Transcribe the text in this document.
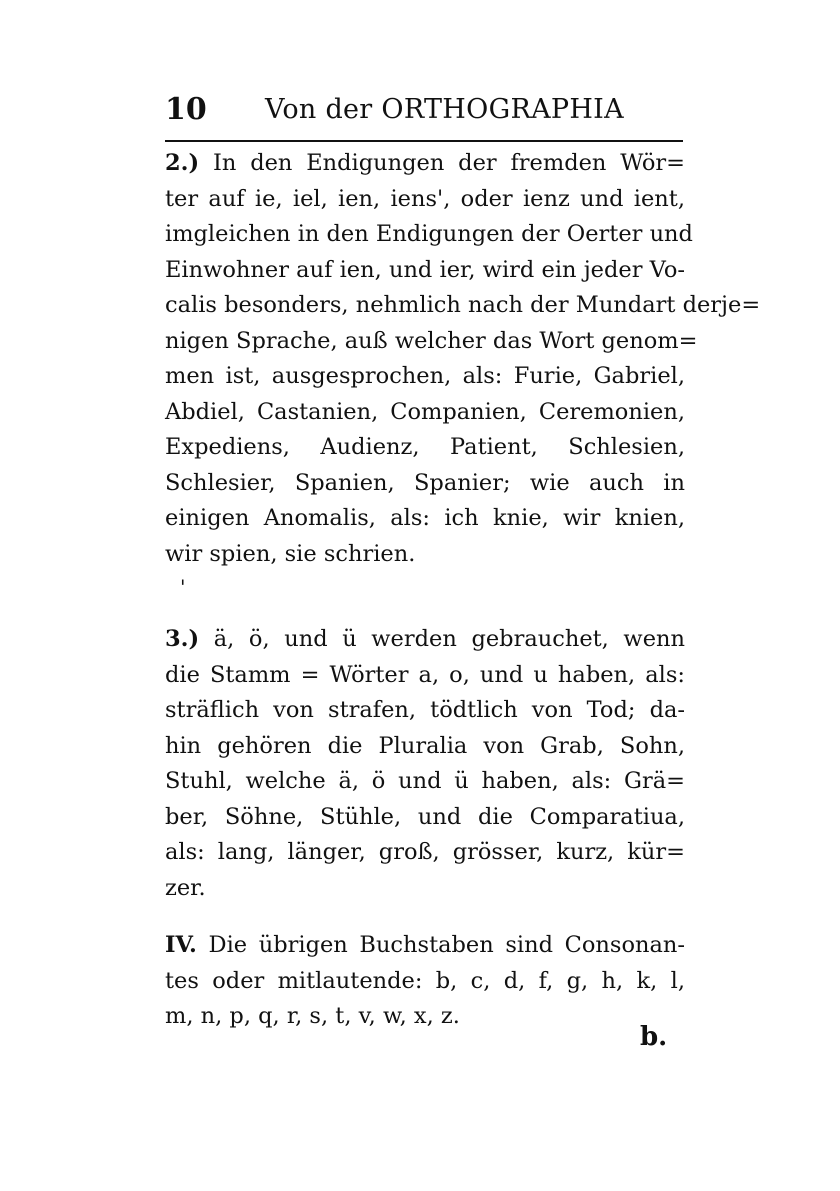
10 Von der ORTHOGRAPHIA
2.) In den Endigungen der fremden Wör=
ter auf ie, iel, ien, iens', oder ienz und ient,
imgleichen in den Endigungen der Oerter und
Einwohner auf ien, und ier, wird ein jeder Vo-
calis besonders, nehmlich nach der Mundart derje=
nigen Sprache, auß welcher das Wort genom=
men ist, ausgesprochen, als: Furie, Gabriel,
Abdiel, Castanien, Companien, Ceremonien,
Expediens, Audienz, Patient, Schlesien,
Schlesier, Spanien, Spanier; wie auch in
einigen Anomalis, als: ich knie, wir knien,
wir spien, sie schrien.
'
3.) ä, ö, und ü werden gebrauchet, wenn
die Stamm = Wörter a, o, und u haben, als:
sträflich von strafen, tödtlich von Tod; da-
hin gehören die Pluralia von Grab, Sohn,
Stuhl, welche ä, ö und ü haben, als: Grä=
ber, Söhne, Stühle, und die Comparatiua,
als: lang, länger, groß, grösser, kurz, kür=
zer.
IV. Die übrigen Buchstaben sind Consonan-
tes oder mitlautende: b, c, d, f, g, h, k, l,
m, n, p, q, r, s, t, v, w, x, z.
b.
